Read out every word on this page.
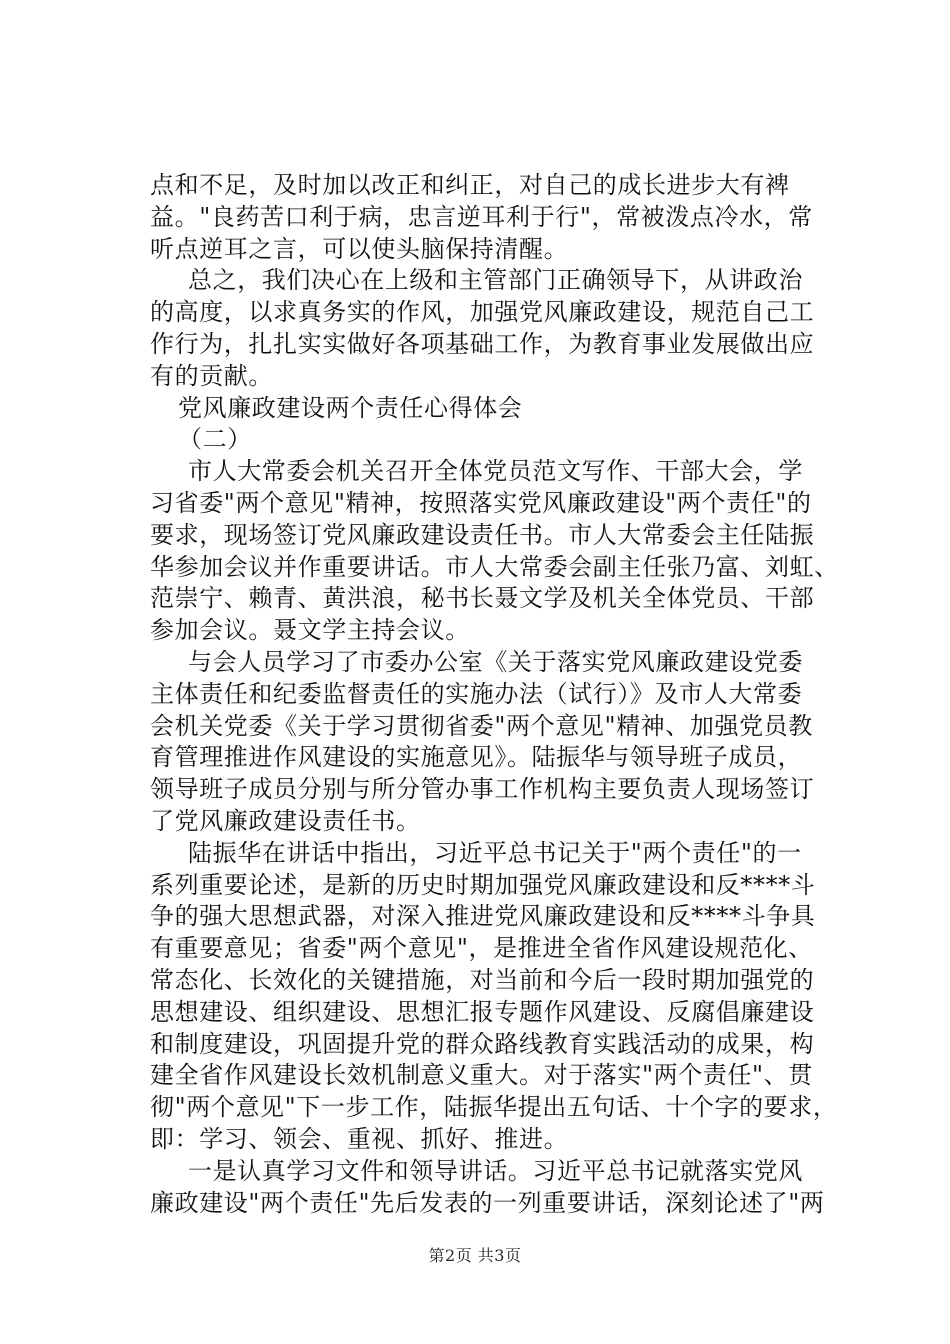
点和不足，及时加以改正和纠正，对自己的成长进步大有裨
益。"良药苦口利于病，忠言逆耳利于行"，常被泼点冷水，常
听点逆耳之言，可以使头脑保持清醒。
总之，我们决心在上级和主管部门正确领导下，从讲政治
的高度，以求真务实的作风，加强党风廉政建设，规范自己工
作行为，扎扎实实做好各项基础工作，为教育事业发展做出应
有的贡献。
党风廉政建设两个责任心得体会
（二）
市人大常委会机关召开全体党员范文写作、干部大会，学
习省委"两个意见"精神，按照落实党风廉政建设"两个责任"的
要求，现场签订党风廉政建设责任书。市人大常委会主任陆振
华参加会议并作重要讲话。市人大常委会副主任张乃富、刘虹、
范崇宁、赖青、黄洪浪，秘书长聂文学及机关全体党员、干部
参加会议。聂文学主持会议。
与会人员学习了市委办公室《关于落实党风廉政建设党委
主体责任和纪委监督责任的实施办法（试行）》及市人大常委
会机关党委《关于学习贯彻省委"两个意见"精神、加强党员教
育管理推进作风建设的实施意见》。陆振华与领导班子成员，
领导班子成员分别与所分管办事工作机构主要负责人现场签订
了党风廉政建设责任书。
陆振华在讲话中指出，习近平总书记关于"两个责任"的一
系列重要论述，是新的历史时期加强党风廉政建设和反****斗
争的强大思想武器，对深入推进党风廉政建设和反****斗争具
有重要意见；省委"两个意见"，是推进全省作风建设规范化、
常态化、长效化的关键措施，对当前和今后一段时期加强党的
思想建设、组织建设、思想汇报专题作风建设、反腐倡廉建设
和制度建设，巩固提升党的群众路线教育实践活动的成果，构
建全省作风建设长效机制意义重大。对于落实"两个责任"、贯
彻"两个意见"下一步工作，陆振华提出五句话、十个字的要求，
即：学习、领会、重视、抓好、推进。
一是认真学习文件和领导讲话。习近平总书记就落实党风
廉政建设"两个责任"先后发表的一列重要讲话，深刻论述了"两
第2页 共3页
